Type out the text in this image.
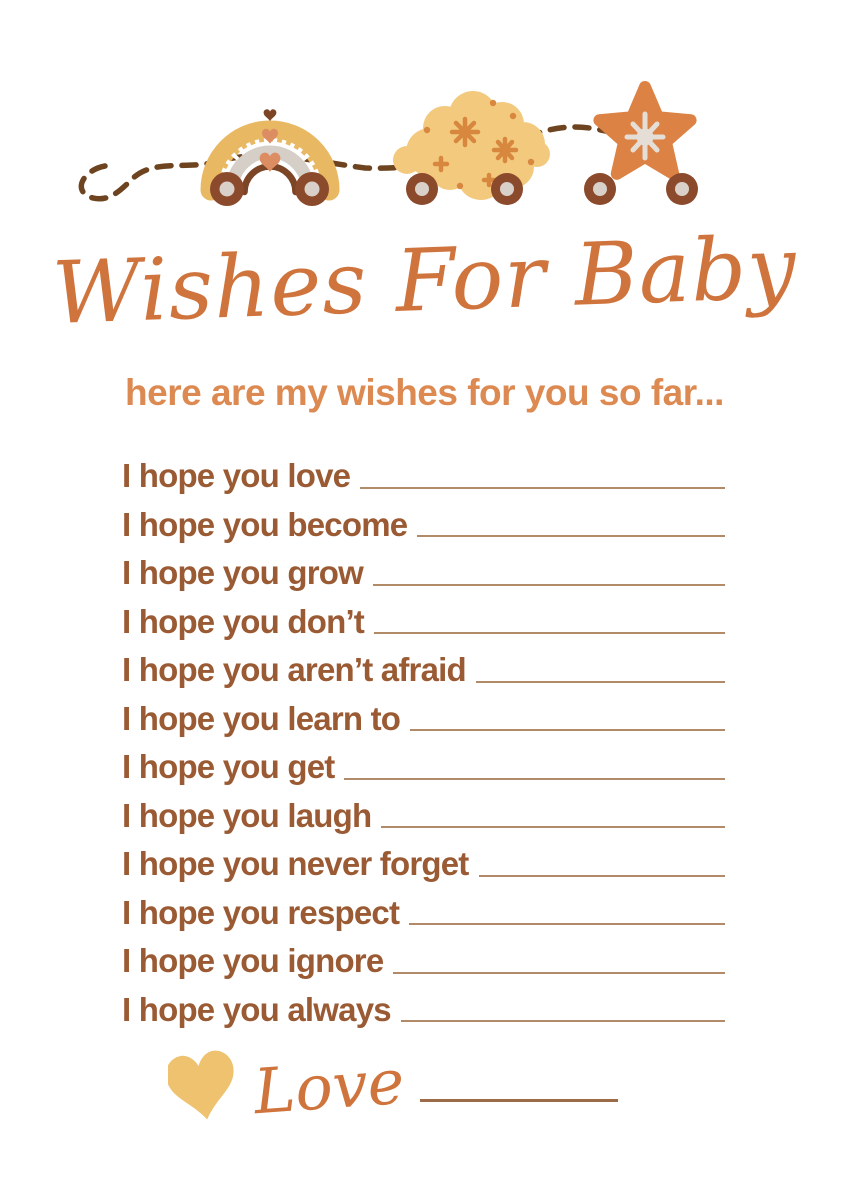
Wishes For Baby
here are my wishes for you so far...
I hope you love
I hope you become
I hope you grow
I hope you don’t
I hope you aren’t afraid
I hope you learn to
I hope you get
I hope you laugh
I hope you never forget
I hope you respect
I hope you ignore
I hope you always
Love
